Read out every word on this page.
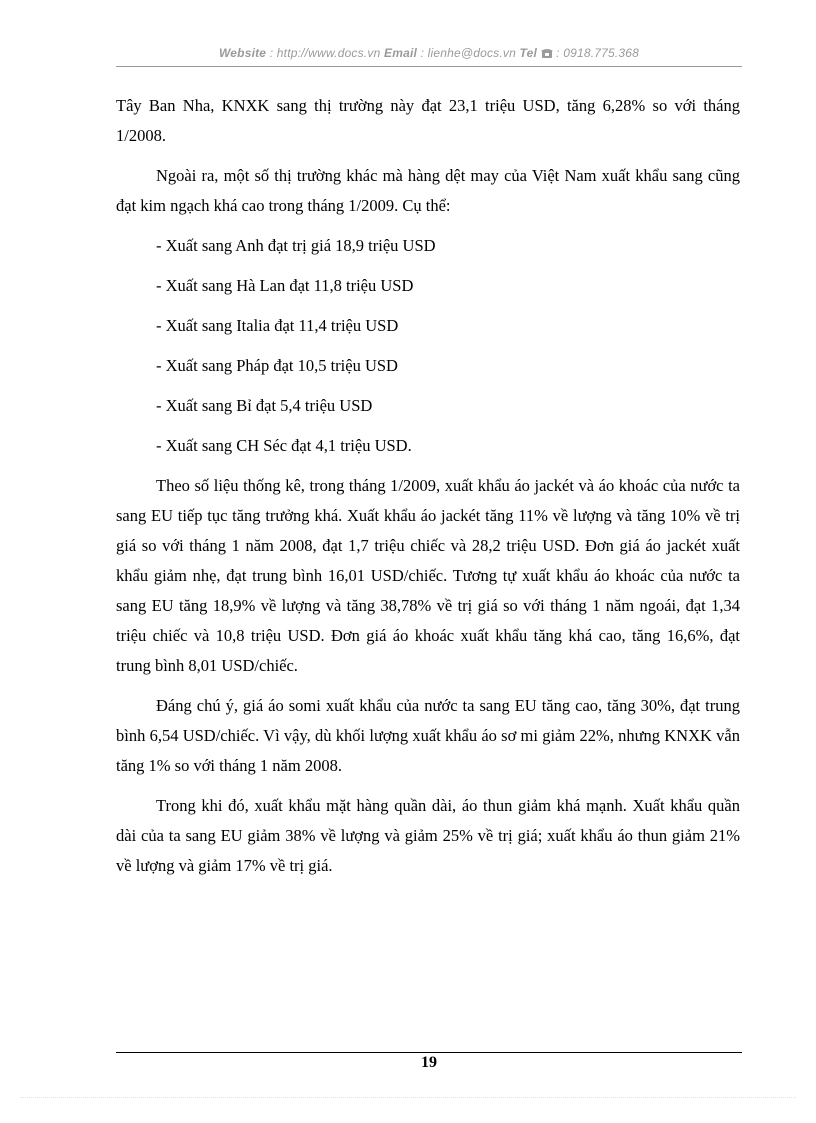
Website : http://www.docs.vn Email : lienhe@docs.vn Tel : 0918.775.368

Tây Ban Nha, KNXK sang thị trường này đạt 23,1 triệu USD, tăng 6,28% so với tháng 1/2008.

Ngoài ra, một số thị trường khác mà hàng dệt may của Việt Nam xuất khẩu sang cũng đạt kim ngạch khá cao trong tháng 1/2009. Cụ thể:

- Xuất sang Anh đạt trị giá 18,9 triệu USD
- Xuất sang Hà Lan đạt 11,8 triệu USD
- Xuất sang Italia đạt 11,4 triệu USD
- Xuất sang Pháp đạt 10,5 triệu USD
- Xuất sang Bỉ đạt 5,4 triệu USD
- Xuất sang CH Séc đạt 4,1 triệu USD.

Theo số liệu thống kê, trong tháng 1/2009, xuất khẩu áo jackét và áo khoác của nước ta sang EU tiếp tục tăng trưởng khá. Xuất khẩu áo jackét tăng 11% về lượng và tăng 10% về trị giá so với tháng 1 năm 2008, đạt 1,7 triệu chiếc và 28,2 triệu USD. Đơn giá áo jackét xuất khẩu giảm nhẹ, đạt trung bình 16,01 USD/chiếc. Tương tự xuất khẩu áo khoác của nước ta sang EU tăng 18,9% về lượng và tăng 38,78% về trị giá so với tháng 1 năm ngoái, đạt 1,34 triệu chiếc và 10,8 triệu USD. Đơn giá áo khoác xuất khẩu tăng khá cao, tăng 16,6%, đạt trung bình 8,01 USD/chiếc.

Đáng chú ý, giá áo somi xuất khẩu của nước ta sang EU tăng cao, tăng 30%, đạt trung bình 6,54 USD/chiếc. Vì vậy, dù khối lượng xuất khẩu áo sơ mi giảm 22%, nhưng KNXK vẫn tăng 1% so với tháng 1 năm 2008.

Trong khi đó, xuất khẩu mặt hàng quần dài, áo thun giảm khá mạnh. Xuất khẩu quần dài của ta sang EU giảm 38% về lượng và giảm 25% về trị giá; xuất khẩu áo thun giảm 21% về lượng và giảm 17% về trị giá.

19
